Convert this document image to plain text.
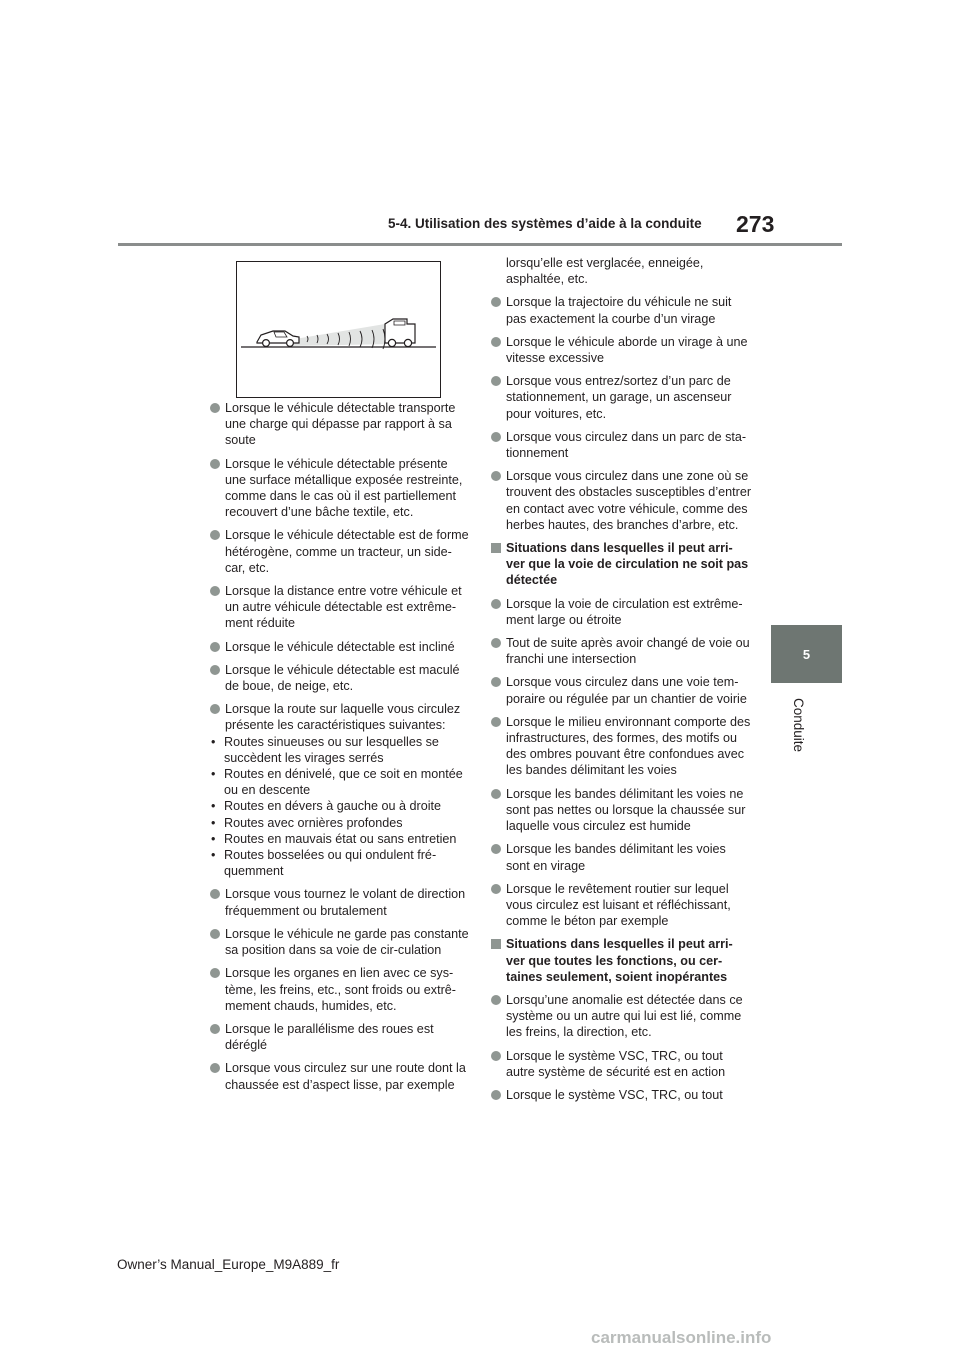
5-4. Utilisation des systèmes d’aide à la conduite 273
5
Conduite
Lorsque le véhicule détectable transporte une charge qui dépasse par rapport à sa soute
Lorsque le véhicule détectable présente une surface métallique exposée restreinte, comme dans le cas où il est partiellement recouvert d’une bâche textile, etc.
Lorsque le véhicule détectable est de forme hétérogène, comme un tracteur, un side-car, etc.
Lorsque la distance entre votre véhicule et un autre véhicule détectable est extrême-ment réduite
Lorsque le véhicule détectable est incliné
Lorsque le véhicule détectable est maculé de boue, de neige, etc.
Lorsque la route sur laquelle vous circulez présente les caractéristiques suivantes:
• Routes sinueuses ou sur lesquelles se succèdent les virages serrés
• Routes en dénivelé, que ce soit en montée ou en descente
• Routes en dévers à gauche ou à droite
• Routes avec ornières profondes
• Routes en mauvais état ou sans entretien
• Routes bosselées ou qui ondulent fré-quemment
Lorsque vous tournez le volant de direction fréquemment ou brutalement
Lorsque le véhicule ne garde pas constante sa position dans sa voie de cir-culation
Lorsque les organes en lien avec ce sys-tème, les freins, etc., sont froids ou extrê-mement chauds, humides, etc.
Lorsque le parallélisme des roues est déréglé
Lorsque vous circulez sur une route dont la chaussée est d’aspect lisse, par exemple
lorsqu’elle est verglacée, enneigée, asphaltée, etc.
Lorsque la trajectoire du véhicule ne suit pas exactement la courbe d’un virage
Lorsque le véhicule aborde un virage à une vitesse excessive
Lorsque vous entrez/sortez d’un parc de stationnement, un garage, un ascenseur pour voitures, etc.
Lorsque vous circulez dans un parc de sta-tionnement
Lorsque vous circulez dans une zone où se trouvent des obstacles susceptibles d’entrer en contact avec votre véhicule, comme des herbes hautes, des branches d’arbre, etc.
Situations dans lesquelles il peut arri-ver que la voie de circulation ne soit pas détectée
Lorsque la voie de circulation est extrême-ment large ou étroite
Tout de suite après avoir changé de voie ou franchi une intersection
Lorsque vous circulez dans une voie tem-poraire ou régulée par un chantier de voirie
Lorsque le milieu environnant comporte des infrastructures, des formes, des motifs ou des ombres pouvant être confondues avec les bandes délimitant les voies
Lorsque les bandes délimitant les voies ne sont pas nettes ou lorsque la chaussée sur laquelle vous circulez est humide
Lorsque les bandes délimitant les voies sont en virage
Lorsque le revêtement routier sur lequel vous circulez est luisant et réfléchissant, comme le béton par exemple
Situations dans lesquelles il peut arri-ver que toutes les fonctions, ou cer-taines seulement, soient inopérantes
Lorsqu’une anomalie est détectée dans ce système ou un autre qui lui est lié, comme les freins, la direction, etc.
Lorsque le système VSC, TRC, ou tout autre système de sécurité est en action
Lorsque le système VSC, TRC, ou tout
Owner’s Manual_Europe_M9A889_fr
carmanualsonline.info
